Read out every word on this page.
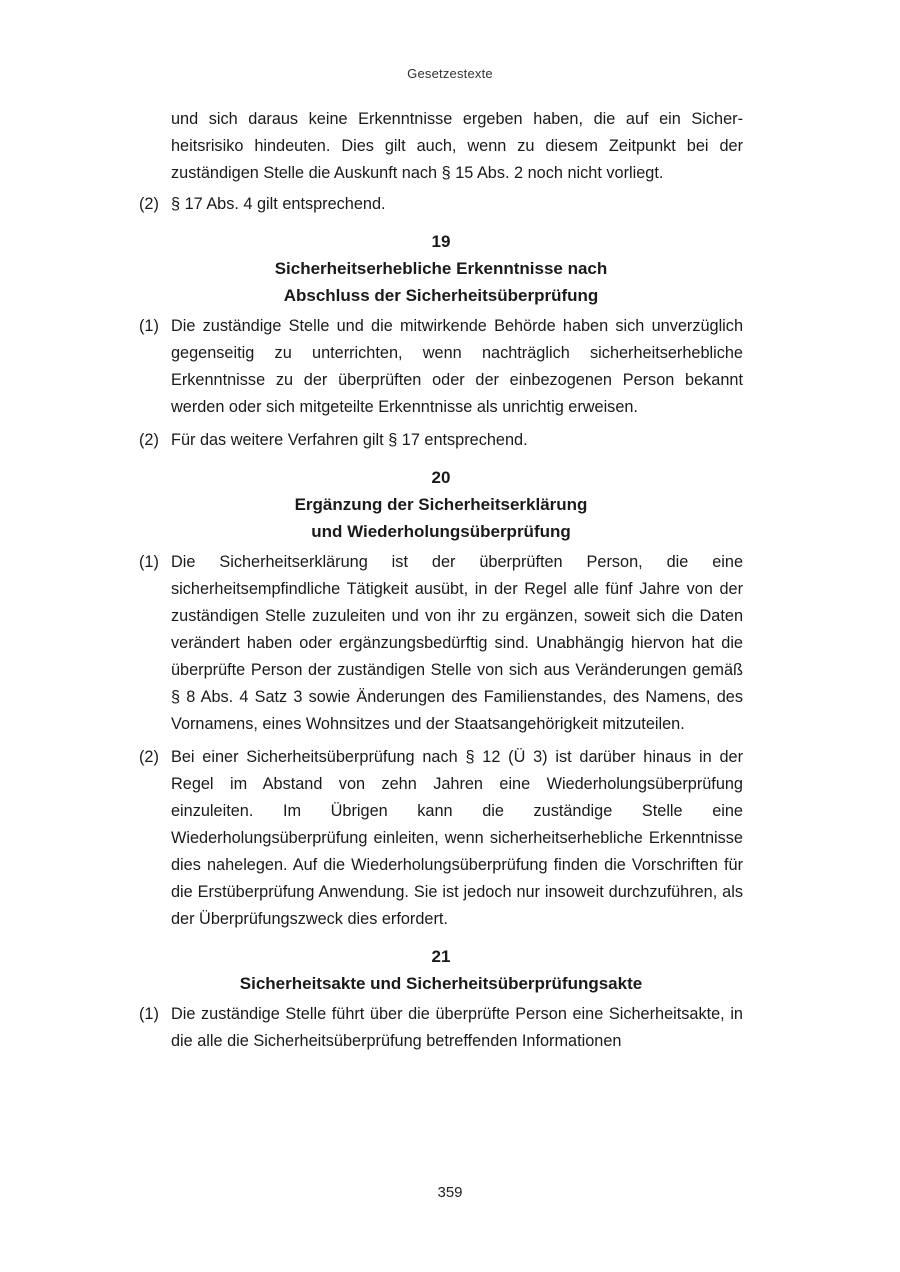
Gesetzestexte

und sich daraus keine Erkenntnisse ergeben haben, die auf ein Sicher-heitsrisiko hindeuten. Dies gilt auch, wenn zu diesem Zeitpunkt bei der zuständigen Stelle die Auskunft nach § 15 Abs. 2 noch nicht vorliegt.

(2) § 17 Abs. 4 gilt entsprechend.
19
Sicherheitserhebliche Erkenntnisse nach
Abschluss der Sicherheitsüberprüfung
(1) Die zuständige Stelle und die mitwirkende Behörde haben sich unverzüglich gegenseitig zu unterrichten, wenn nachträglich sicherheitserhebliche Erkenntnisse zu der überprüften oder der einbezogenen Person bekannt werden oder sich mitgeteilte Erkenntnisse als unrichtig erweisen.
(2) Für das weitere Verfahren gilt § 17 entsprechend.
20
Ergänzung der Sicherheitserklärung
und Wiederholungsüberprüfung
(1) Die Sicherheitserklärung ist der überprüften Person, die eine sicherheitsempfindliche Tätigkeit ausübt, in der Regel alle fünf Jahre von der zuständigen Stelle zuzuleiten und von ihr zu ergänzen, soweit sich die Daten verändert haben oder ergänzungsbedürftig sind. Unabhängig hiervon hat die überprüfte Person der zuständigen Stelle von sich aus Veränderungen gemäß § 8 Abs. 4 Satz 3 sowie Änderungen des Familienstandes, des Namens, des Vornamens, eines Wohnsitzes und der Staatsangehörigkeit mitzuteilen.
(2) Bei einer Sicherheitsüberprüfung nach § 12 (Ü 3) ist darüber hinaus in der Regel im Abstand von zehn Jahren eine Wiederholungsüberprüfung einzuleiten. Im Übrigen kann die zuständige Stelle eine Wiederholungsüberprüfung einleiten, wenn sicherheitserhebliche Erkenntnisse dies nahelegen. Auf die Wiederholungsüberprüfung finden die Vorschriften für die Erstüberprüfung Anwendung. Sie ist jedoch nur insoweit durchzuführen, als der Überprüfungszweck dies erfordert.
21
Sicherheitsakte und Sicherheitsüberprüfungsakte
(1) Die zuständige Stelle führt über die überprüfte Person eine Sicherheitsakte, in die alle die Sicherheitsüberprüfung betreffenden Informationen
359
